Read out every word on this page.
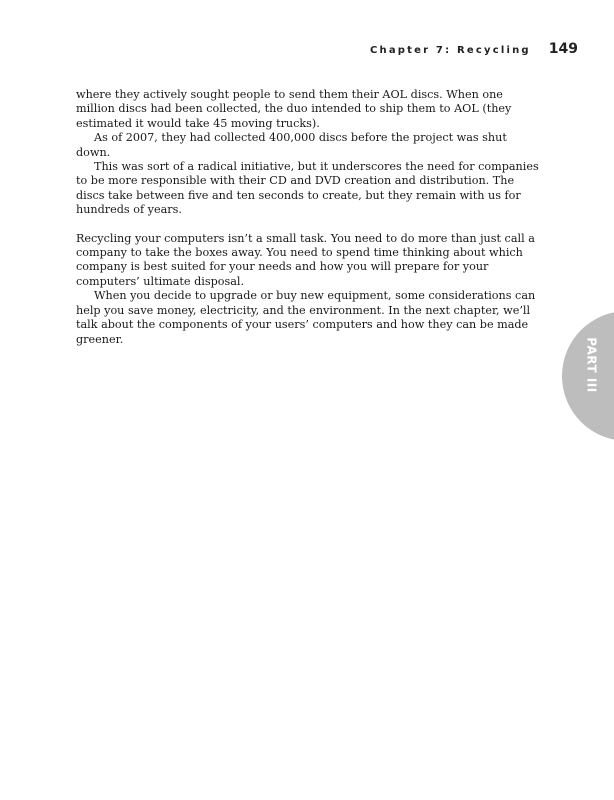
Chapter 7: Recycling 149

where they actively sought people to send them their AOL discs. When one million discs had been collected, the duo intended to ship them to AOL (they estimated it would take 45 moving trucks).

As of 2007, they had collected 400,000 discs before the project was shut down.

This was sort of a radical initiative, but it underscores the need for companies to be more responsible with their CD and DVD creation and distribution. The discs take between five and ten seconds to create, but they remain with us for hundreds of years.

Recycling your computers isn’t a small task. You need to do more than just call a company to take the boxes away. You need to spend time thinking about which company is best suited for your needs and how you will prepare for your computers’ ultimate disposal.

When you decide to upgrade or buy new equipment, some considerations can help you save money, electricity, and the environment. In the next chapter, we’ll talk about the components of your users’ computers and how they can be made greener.	PART III
